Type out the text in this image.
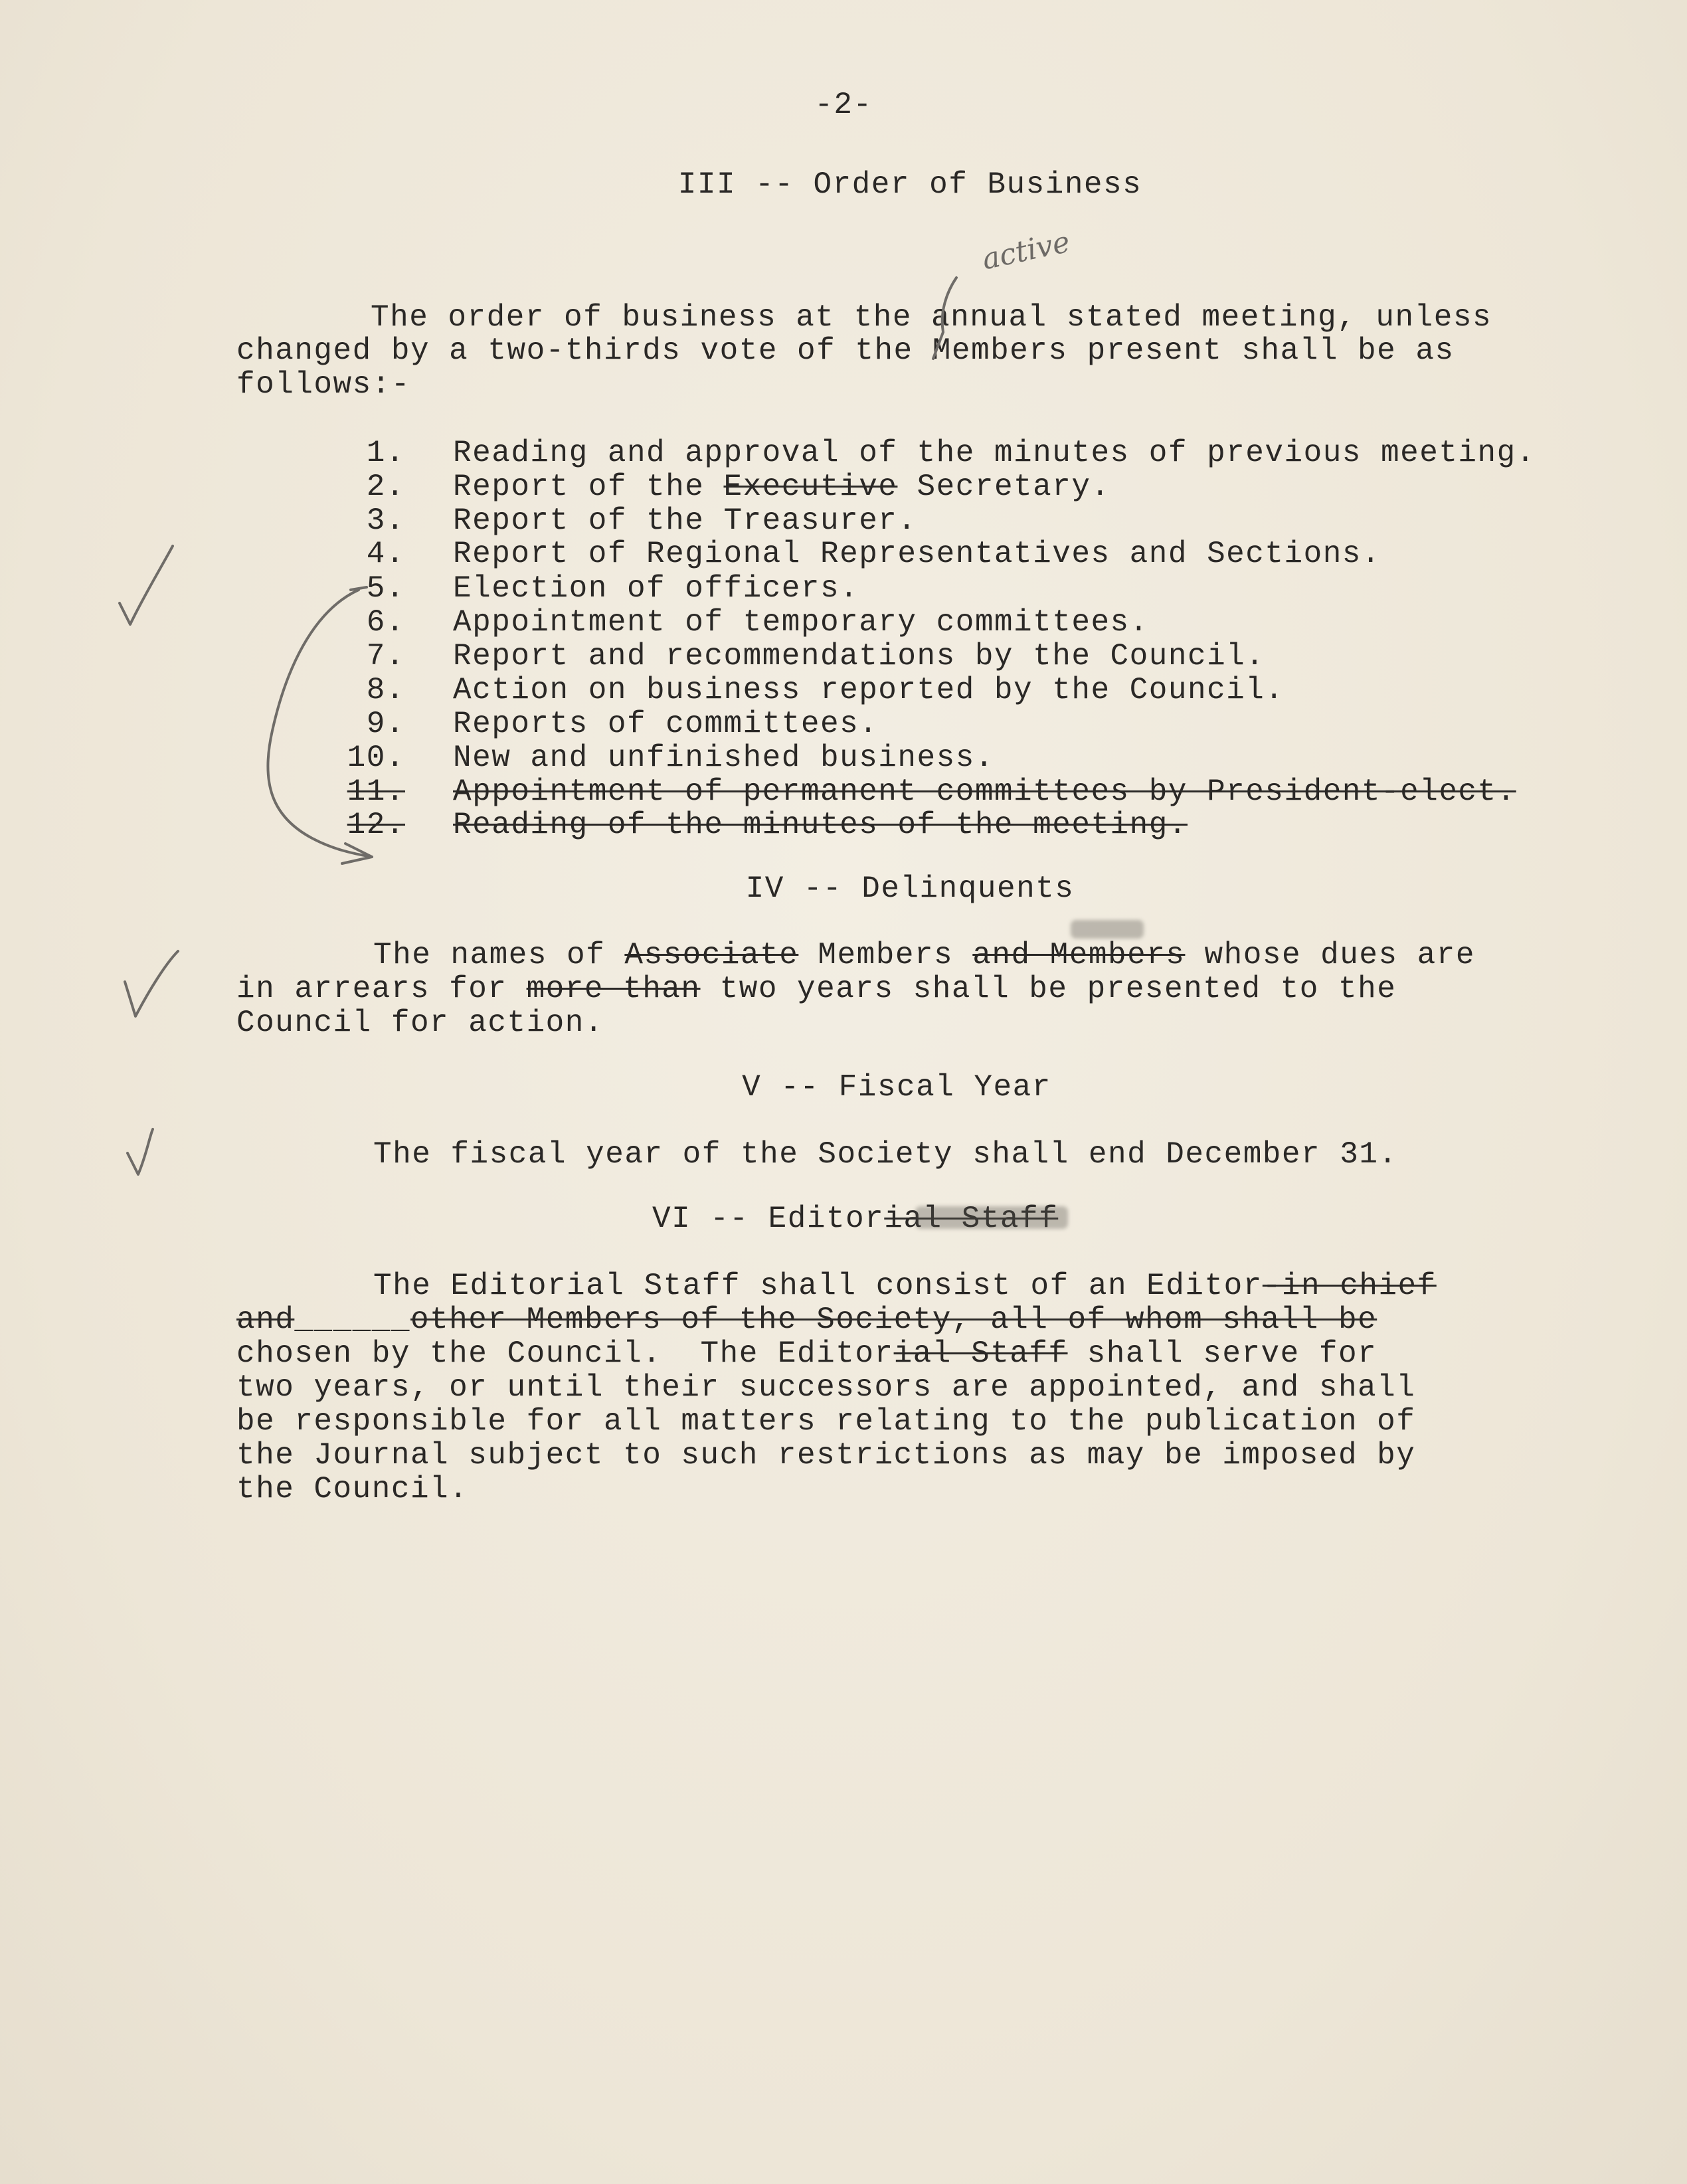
-2-
III -- Order of Business
active
The order of business at the annual stated meeting, unless
changed by a two-thirds vote of the Members present shall be as
follows:-
1. Reading and approval of the minutes of previous meeting.
2. Report of the Executive Secretary.
3. Report of the Treasurer.
4. Report of Regional Representatives and Sections.
5. Election of officers.
6. Appointment of temporary committees.
7. Report and recommendations by the Council.
8. Action on business reported by the Council.
9. Reports of committees.
10. New and unfinished business.
11. Appointment of permanent committees by President-elect.
12. Reading of the minutes of the meeting.
IV -- Delinquents
The names of Associate Members and Members whose dues are
in arrears for more than two years shall be presented to the
Council for action.
V -- Fiscal Year
The fiscal year of the Society shall end December 31.
VI -- Editorial Staff
The Editorial Staff shall consist of an Editor-in chief
and______other Members of the Society, all of whom shall be
chosen by the Council.  The Editorial Staff shall serve for
two years, or until their successors are appointed, and shall
be responsible for all matters relating to the publication of
the Journal subject to such restrictions as may be imposed by
the Council.
